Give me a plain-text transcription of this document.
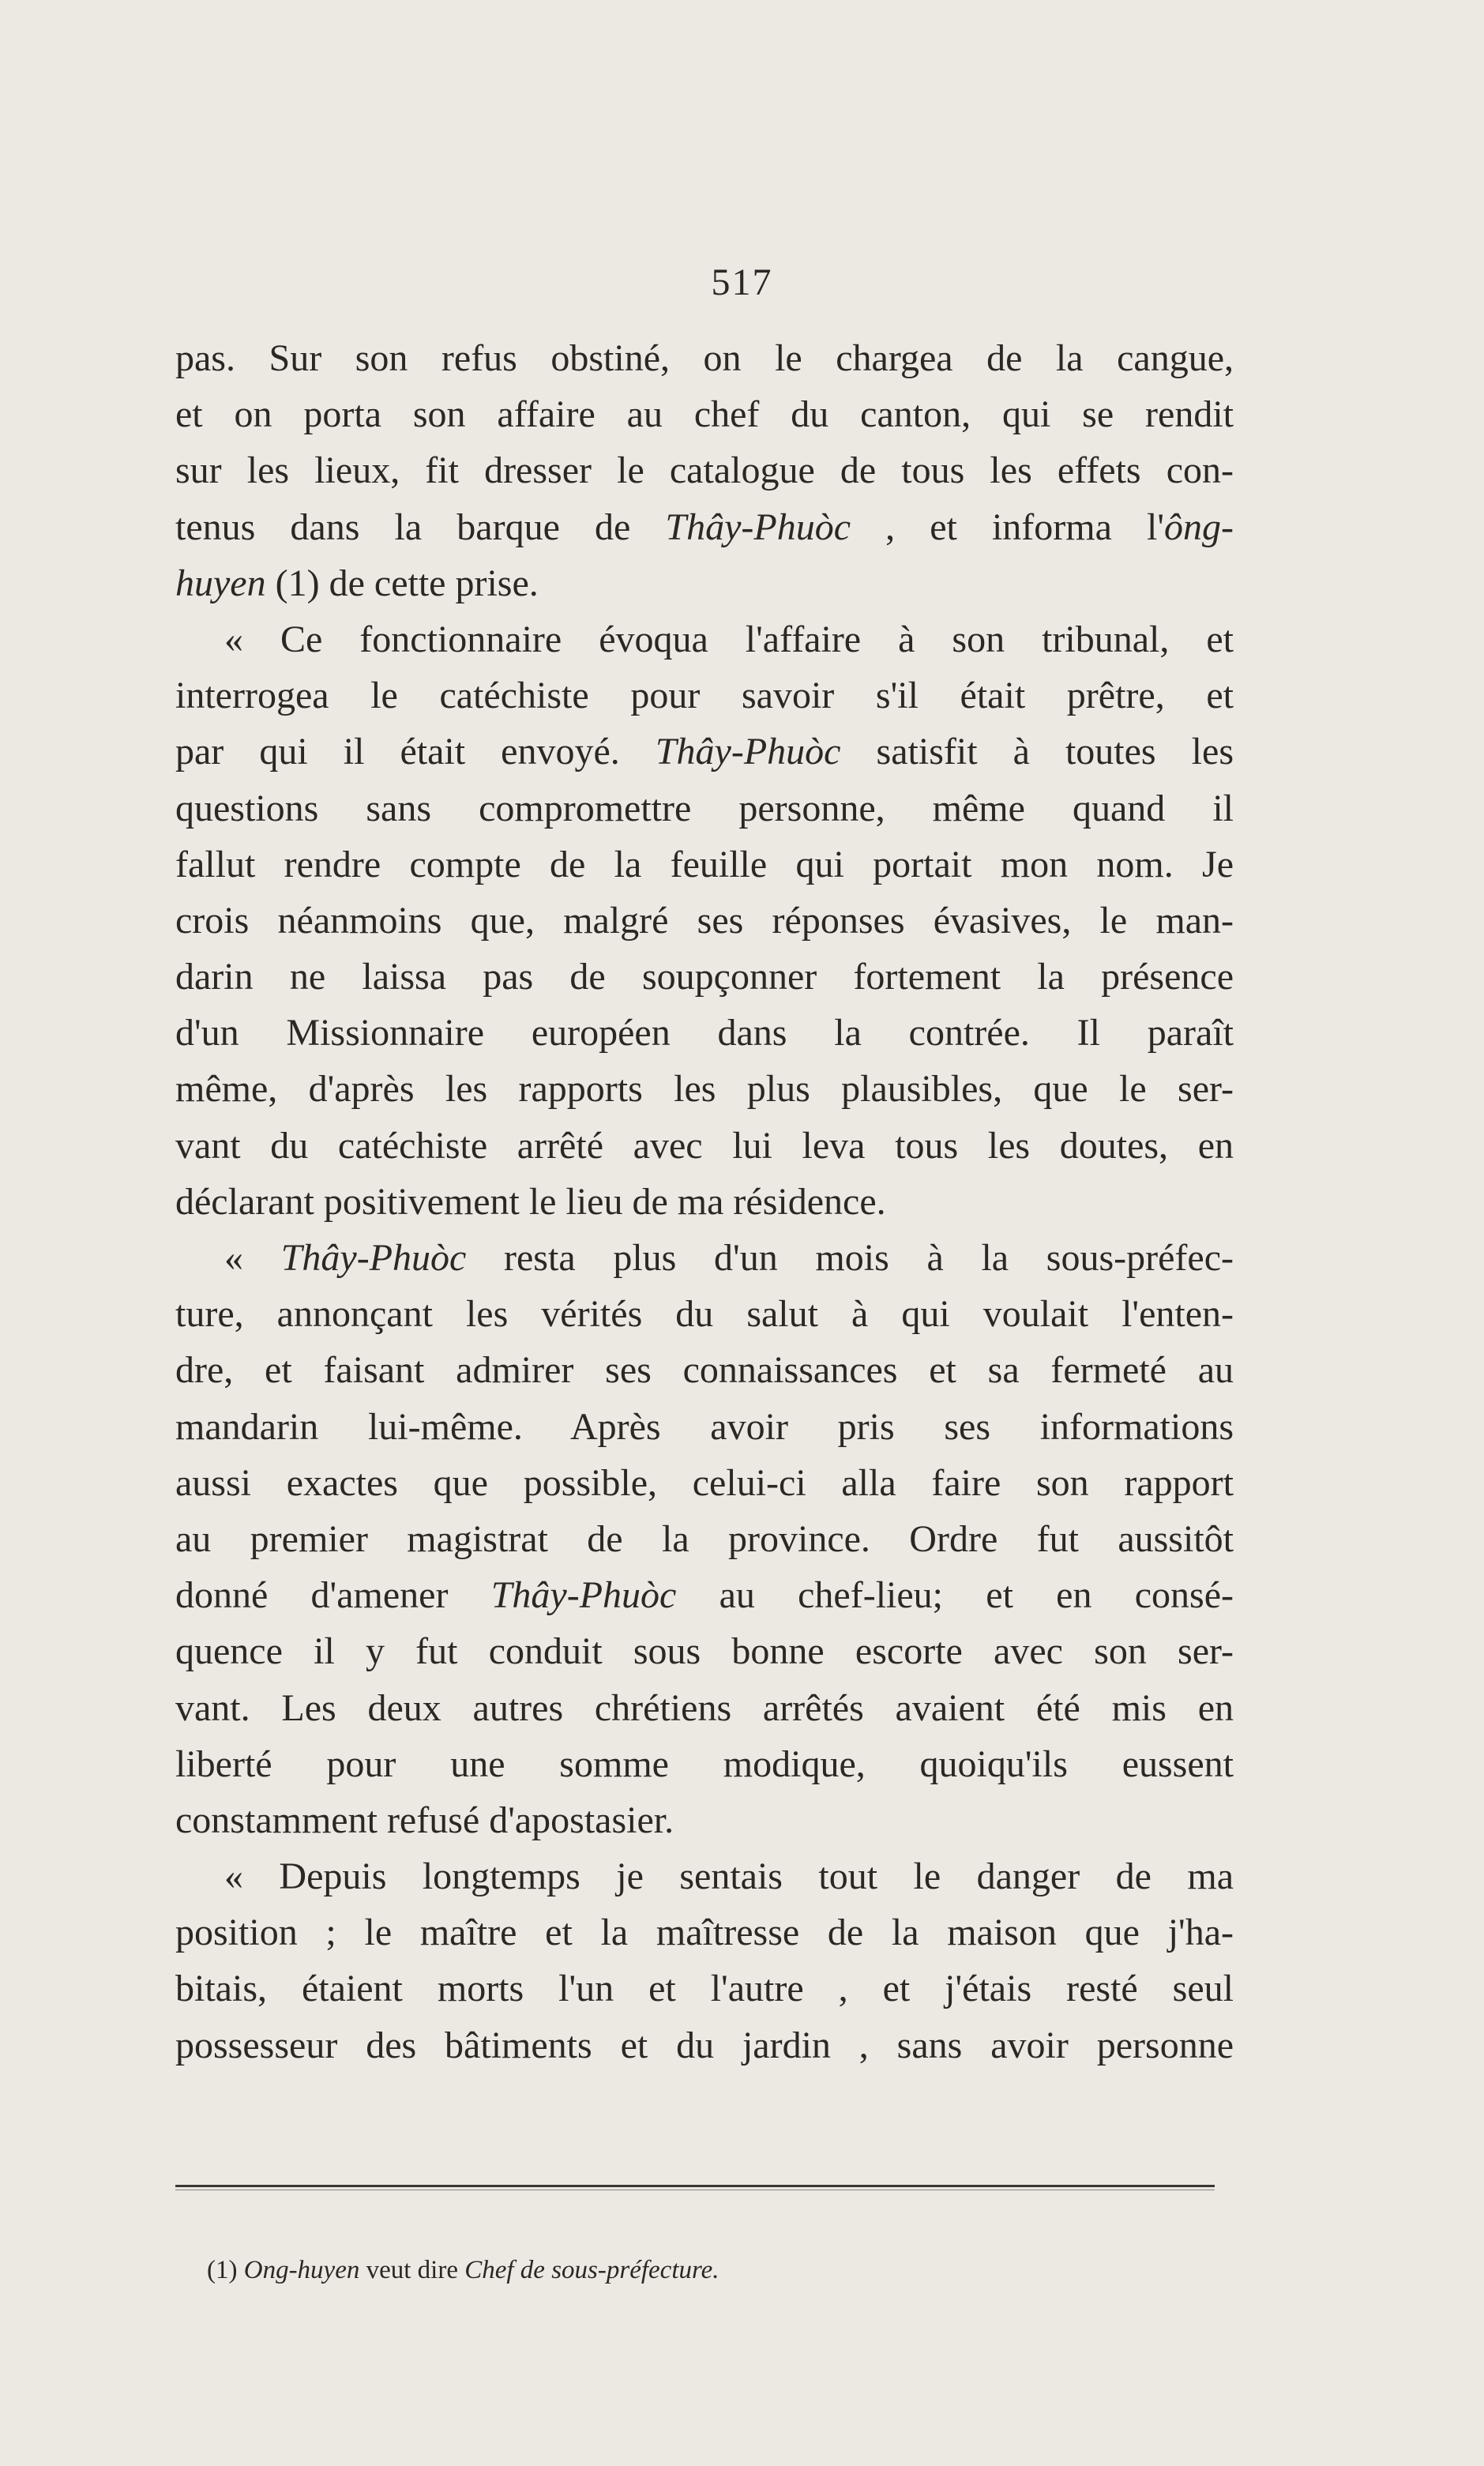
517
pas. Sur son refus obstiné, on le chargea de la cangue,
et on porta son affaire au chef du canton, qui se rendit
sur les lieux, fit dresser le catalogue de tous les effets con-
tenus dans la barque de Thây-Phuòc , et informa l'ông-
huyen (1) de cette prise.
« Ce fonctionnaire évoqua l'affaire à son tribunal, et
interrogea le catéchiste pour savoir s'il était prêtre, et
par qui il était envoyé. Thây-Phuòc satisfit à toutes les
questions sans compromettre personne, même quand il
fallut rendre compte de la feuille qui portait mon nom. Je
crois néanmoins que, malgré ses réponses évasives, le man-
darin ne laissa pas de soupçonner fortement la présence
d'un Missionnaire européen dans la contrée. Il paraît
même, d'après les rapports les plus plausibles, que le ser-
vant du catéchiste arrêté avec lui leva tous les doutes, en
déclarant positivement le lieu de ma résidence.
« Thây-Phuòc resta plus d'un mois à la sous-préfec-
ture, annonçant les vérités du salut à qui voulait l'enten-
dre, et faisant admirer ses connaissances et sa fermeté au
mandarin lui-même. Après avoir pris ses informations
aussi exactes que possible, celui-ci alla faire son rapport
au premier magistrat de la province. Ordre fut aussitôt
donné d'amener Thây-Phuòc au chef-lieu; et en consé-
quence il y fut conduit sous bonne escorte avec son ser-
vant. Les deux autres chrétiens arrêtés avaient été mis en
liberté pour une somme modique, quoiqu'ils eussent
constamment refusé d'apostasier.
« Depuis longtemps je sentais tout le danger de ma
position ; le maître et la maîtresse de la maison que j'ha-
bitais, étaient morts l'un et l'autre , et j'étais resté seul
possesseur des bâtiments et du jardin , sans avoir personne
(1) Ong-huyen veut dire Chef de sous-préfecture.
